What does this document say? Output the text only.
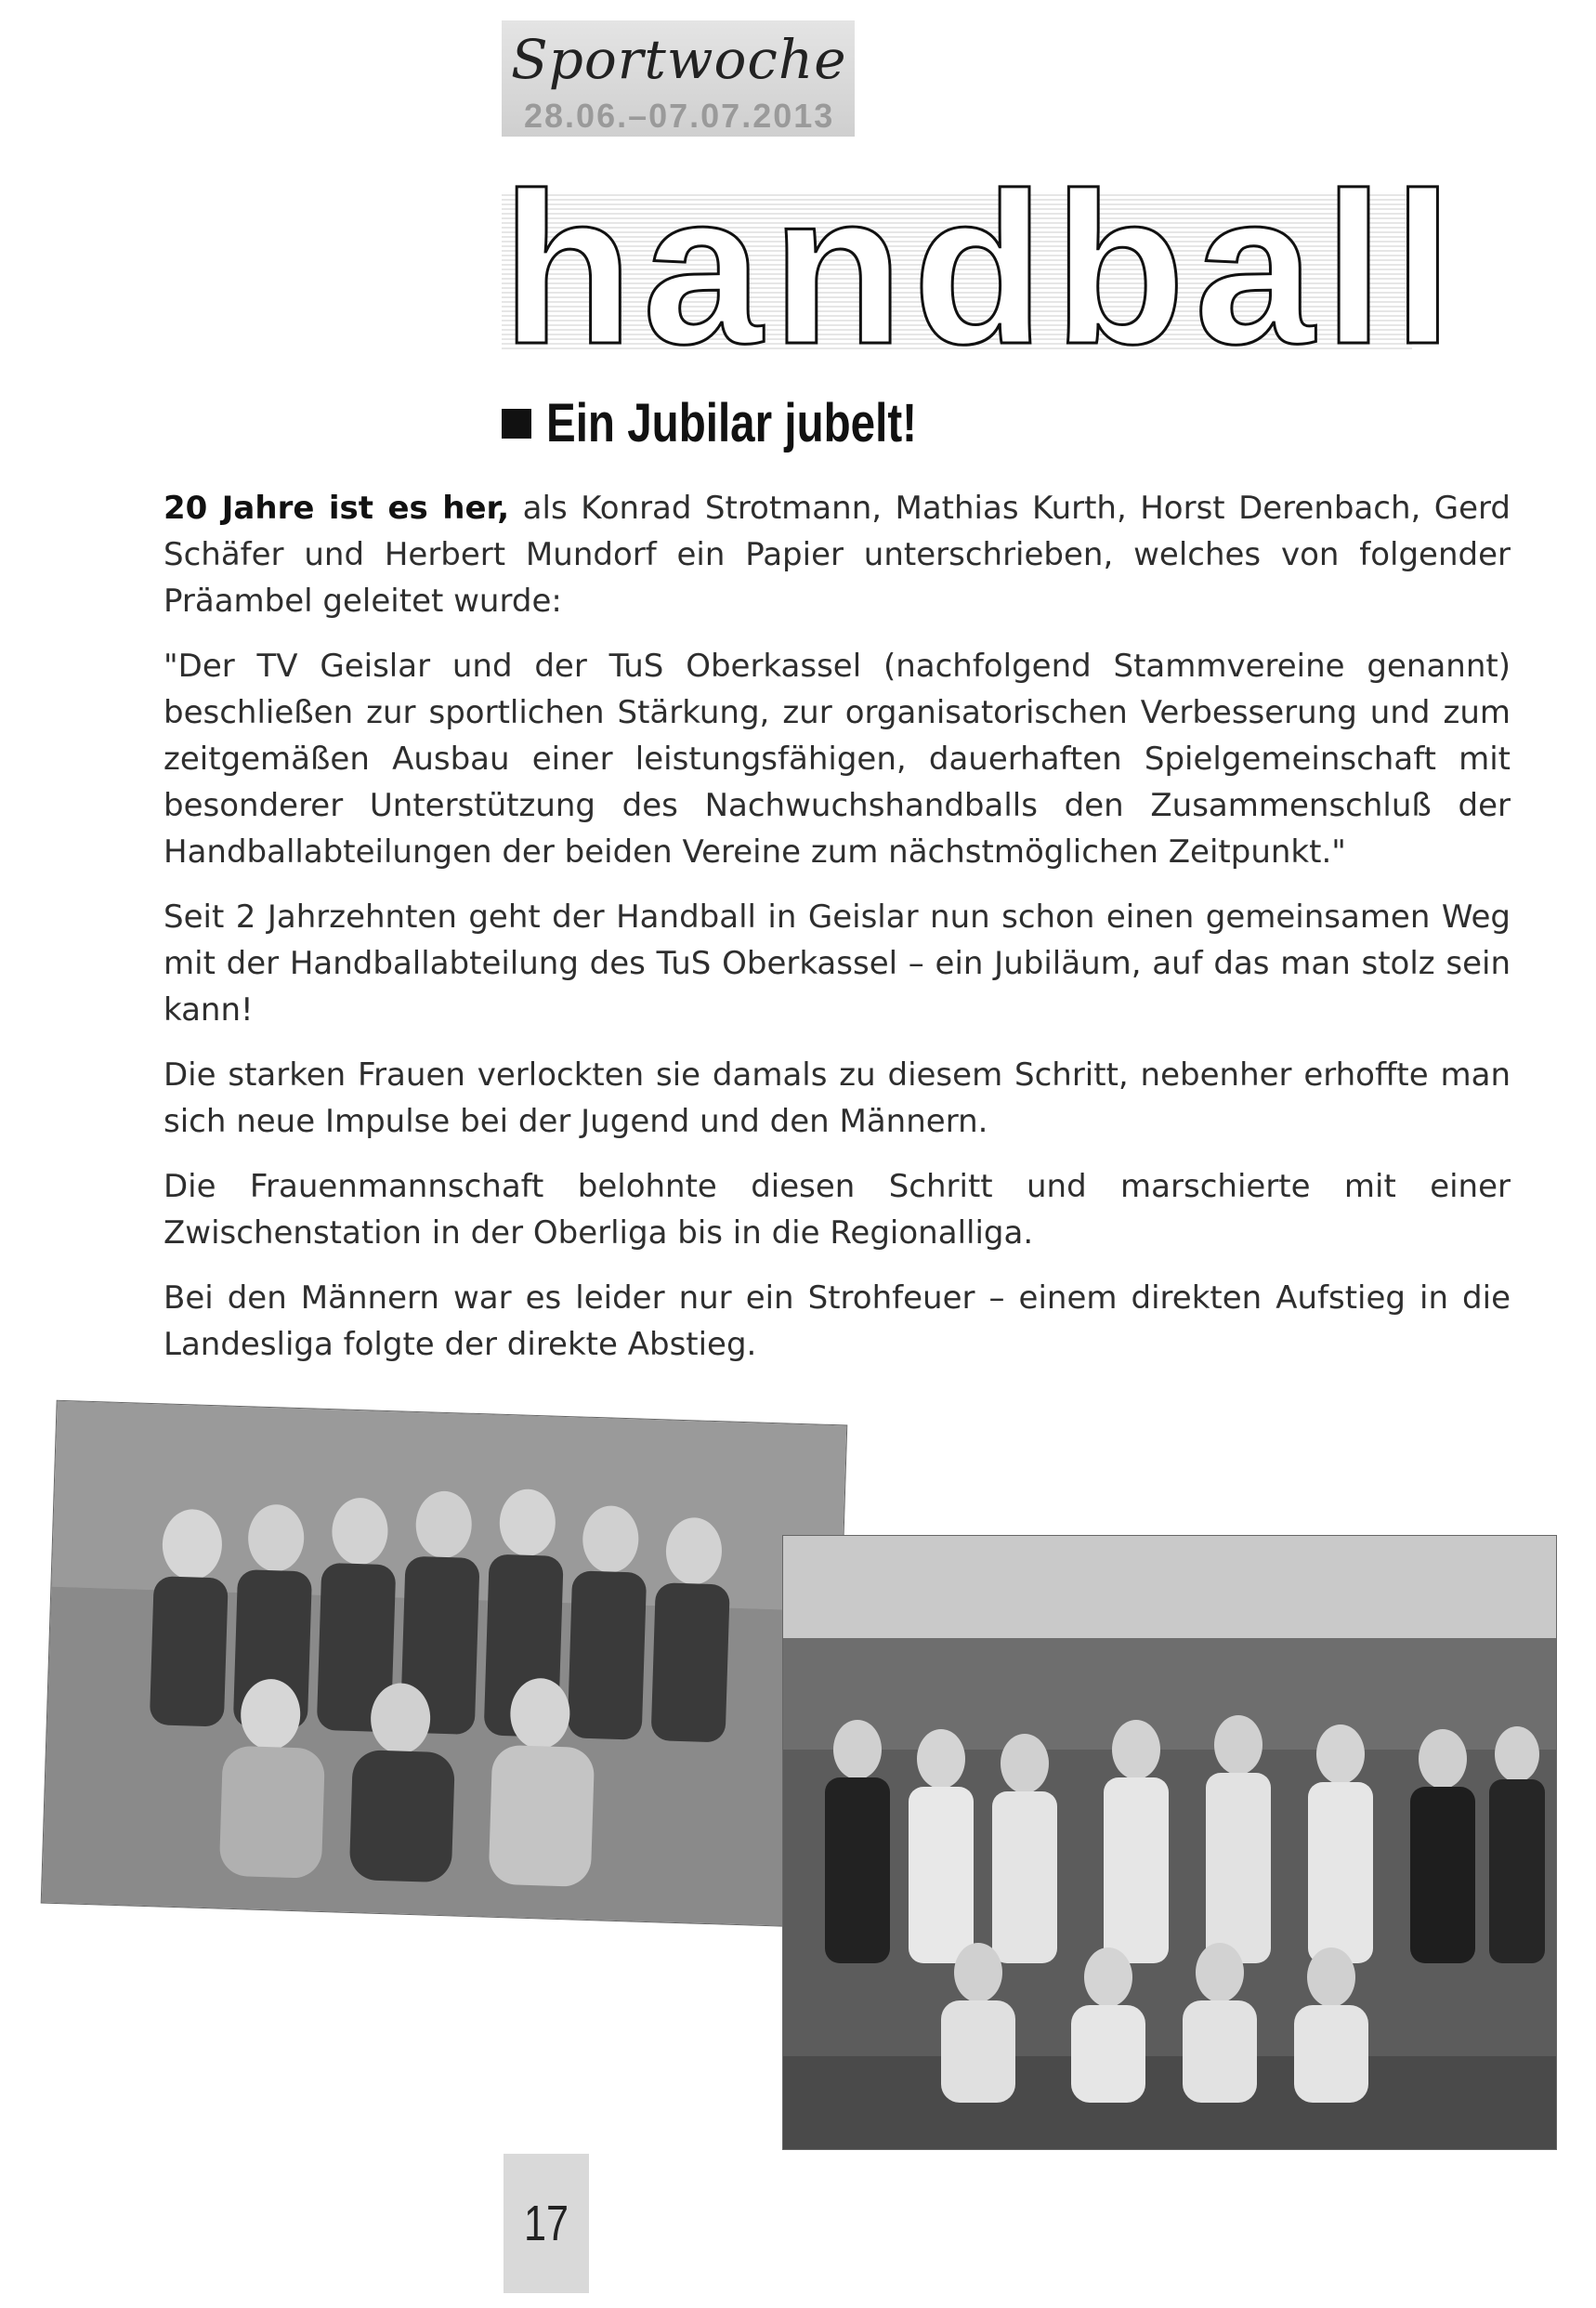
Sportwoche
28.06.–07.07.2013
handball
Ein Jubilar jubelt!

20 Jahre ist es her, als Konrad Strotmann, Mathias Kurth, Horst Derenbach, Gerd Schäfer und Herbert Mundorf ein Papier unterschrieben, welches von folgender Präambel geleitet wurde:

"Der TV Geislar und der TuS Oberkassel (nachfolgend Stammvereine genannt) beschließen zur sportlichen Stärkung, zur organisatorischen Verbesserung und zum zeitgemäßen Ausbau einer leistungsfähigen, dauerhaften Spielgemeinschaft mit besonderer Unterstützung des Nachwuchshandballs den Zusammenschluß der Handballabteilungen der beiden Vereine zum nächstmöglichen Zeitpunkt."

Seit 2 Jahrzehnten geht der Handball in Geislar nun schon einen gemeinsamen Weg mit der Handballabteilung des TuS Oberkassel – ein Jubiläum, auf das man stolz sein kann!

Die starken Frauen verlockten sie damals zu diesem Schritt, nebenher erhoffte man sich neue Impulse bei der Jugend und den Männern.

Die Frauenmannschaft belohnte diesen Schritt und marschierte mit einer Zwischenstation in der Oberliga bis in die Regionalliga.

Bei den Männern war es leider nur ein Strohfeuer – einem direkten Aufstieg in die Landesliga folgte der direkte Abstieg.

17
